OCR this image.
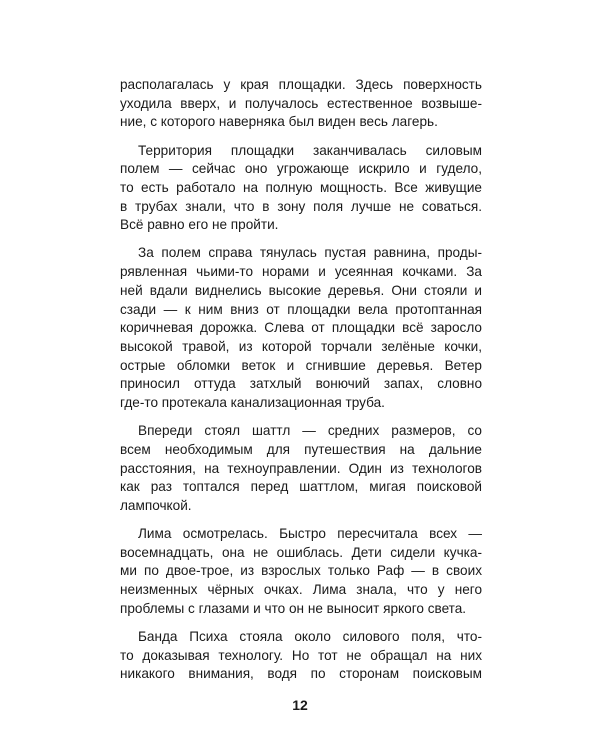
располагалась у края площадки. Здесь поверхность
уходила вверх, и получалось естественное возвыше-
ние, с которого наверняка был виден весь лагерь.

Территория площадки заканчивалась силовым
полем — сейчас оно угрожающе искрило и гудело,
то есть работало на полную мощность. Все живущие
в трубах знали, что в зону поля лучше не соваться.
Всё равно его не пройти.

За полем справа тянулась пустая равнина, проды-
рявленная чьими-то норами и усеянная кочками. За
ней вдали виднелись высокие деревья. Они стояли и
сзади — к ним вниз от площадки вела протоптанная
коричневая дорожка. Слева от площадки всё заросло
высокой травой, из которой торчали зелёные кочки,
острые обломки веток и сгнившие деревья. Ветер
приносил оттуда затхлый вонючий запах, словно
где-то протекала канализационная труба.

Впереди стоял шаттл — средних размеров, со
всем необходимым для путешествия на дальние
расстояния, на техноуправлении. Один из технологов
как раз топтался перед шаттлом, мигая поисковой
лампочкой.

Лима осмотрелась. Быстро пересчитала всех —
восемнадцать, она не ошиблась. Дети сидели кучка-
ми по двое-трое, из взрослых только Раф — в своих
неизменных чёрных очках. Лима знала, что у него
проблемы с глазами и что он не выносит яркого света.

Банда Психа стояла около силового поля, что-
то доказывая технологу. Но тот не обращал на них
никакого внимания, водя по сторонам поисковым

12
